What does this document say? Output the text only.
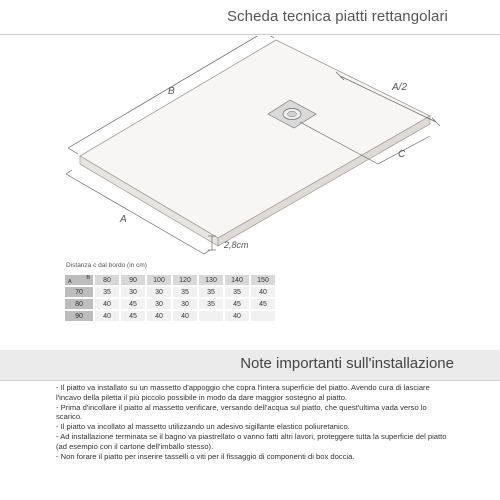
Scheda tecnica piatti rettangolari
B
A
A/2
C
2,8cm
Distanza c dal bordo (in cm)
B
A	80	90	100	120	130	140	150
70	35	30	30	35	35	35	40
80	40	45	30	30	35	45	45
90	40	45	40	40		40	
Note importanti sull'installazione
- Il piatto va installato su un massetto d'appoggio che copra l'intera superficie del piatto. Avendo cura di lasciare l'incavo della piletta il più piccolo possibile in modo da dare maggior sostegno al piatto.
- Prima d'incollare il piatto al massetto verificare, versando dell'acqua sul piatto, che quest'ultima vada verso lo scarico.
- Il piatto va incollato al massetto utilizzando un adesivo sigillante elastico poliuretanico.
- Ad installazione terminata se il bagno va piastrellato o vanno fatti altri lavori, proteggere tutta la superficie del piatto (ad esempio con il cartone dell'imballo stesso).
- Non forare il piatto per inserire tasselli o viti per il fissaggio di componenti di box doccia.
